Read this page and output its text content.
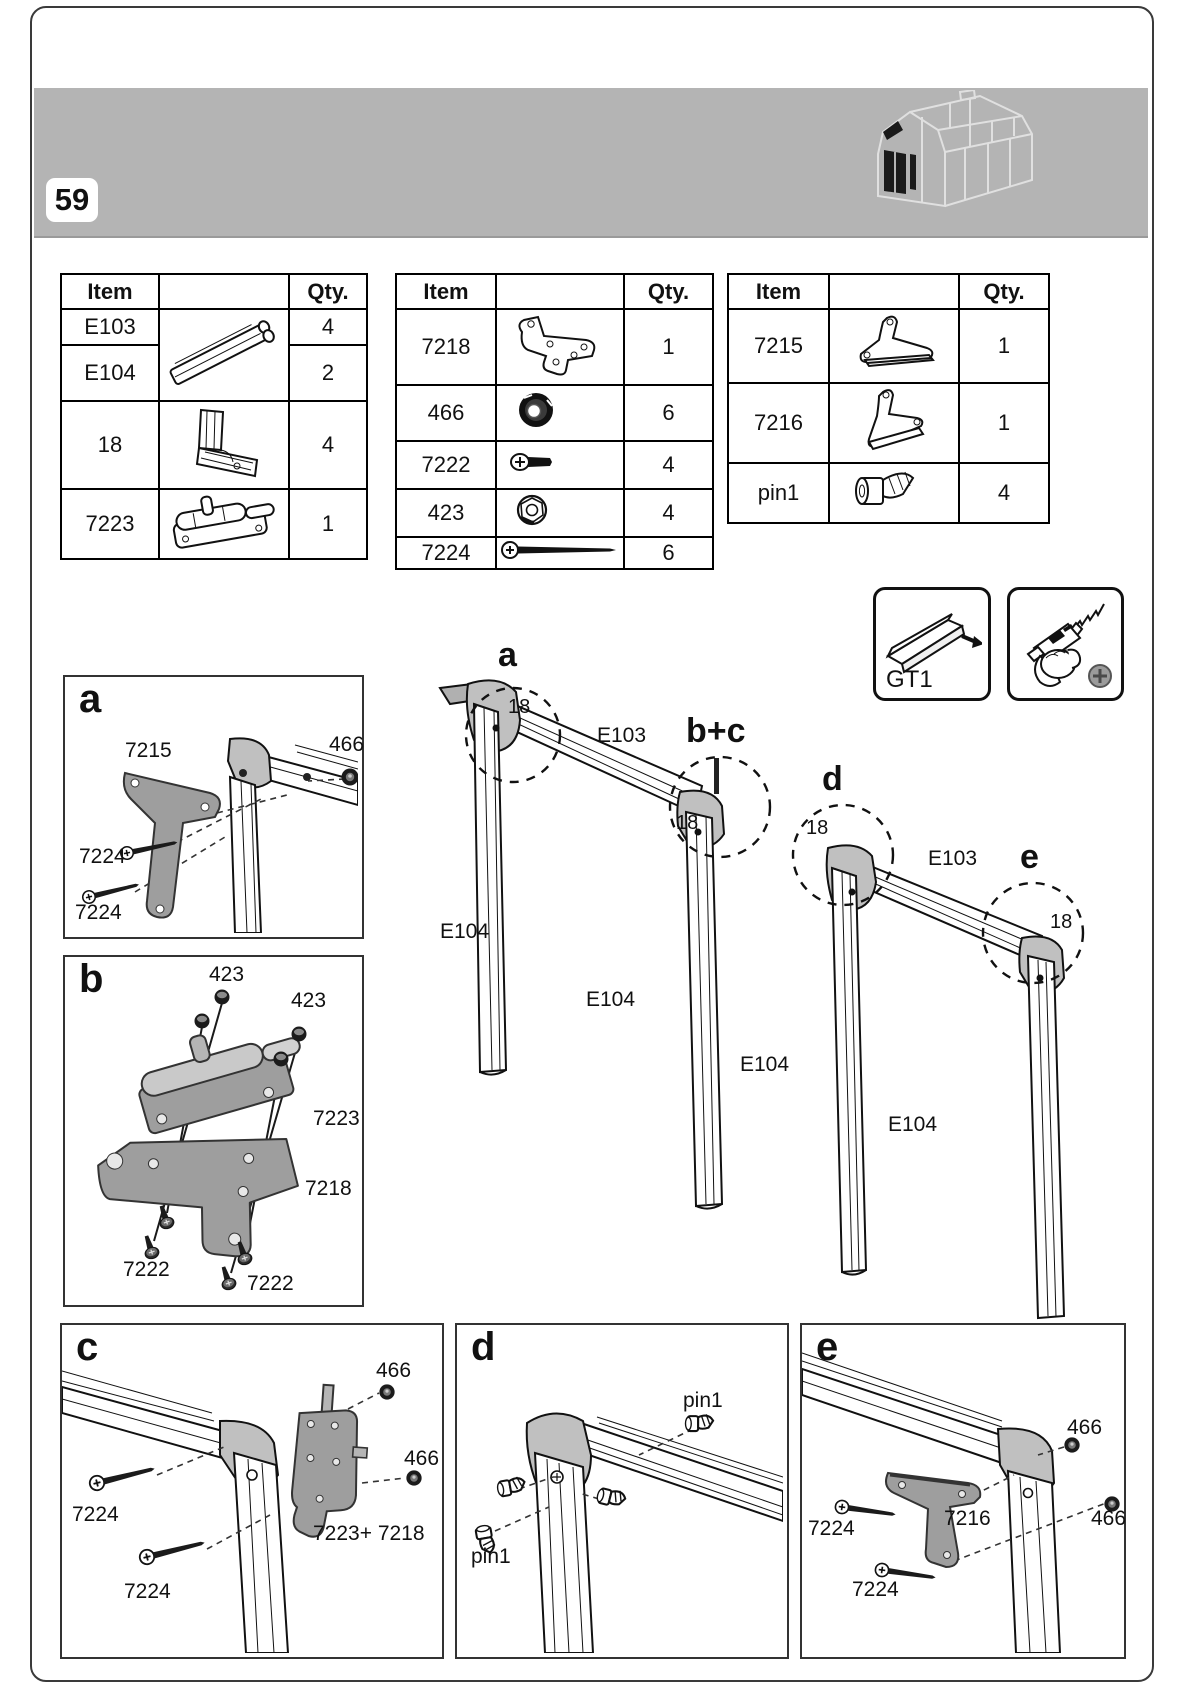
59
Item		Qty.
E103		4
E104		2
18		4
7223		1
Item		Qty.
7218		1
466		6
7222		4
423		4
7224		6
Item		Qty.
7215		1
7216		1
pin1		4
GT1
a
18
E103 b+c
18
E104
E104
d
18
E103 e
18
E104
E104
a
7215	466
7224
7224
b	423
423
7223
7218
7222
7222
c
466
466
7224
7223+ 7218
7224
d
pin1
pin1
e
466
466
7216
7224
7224
